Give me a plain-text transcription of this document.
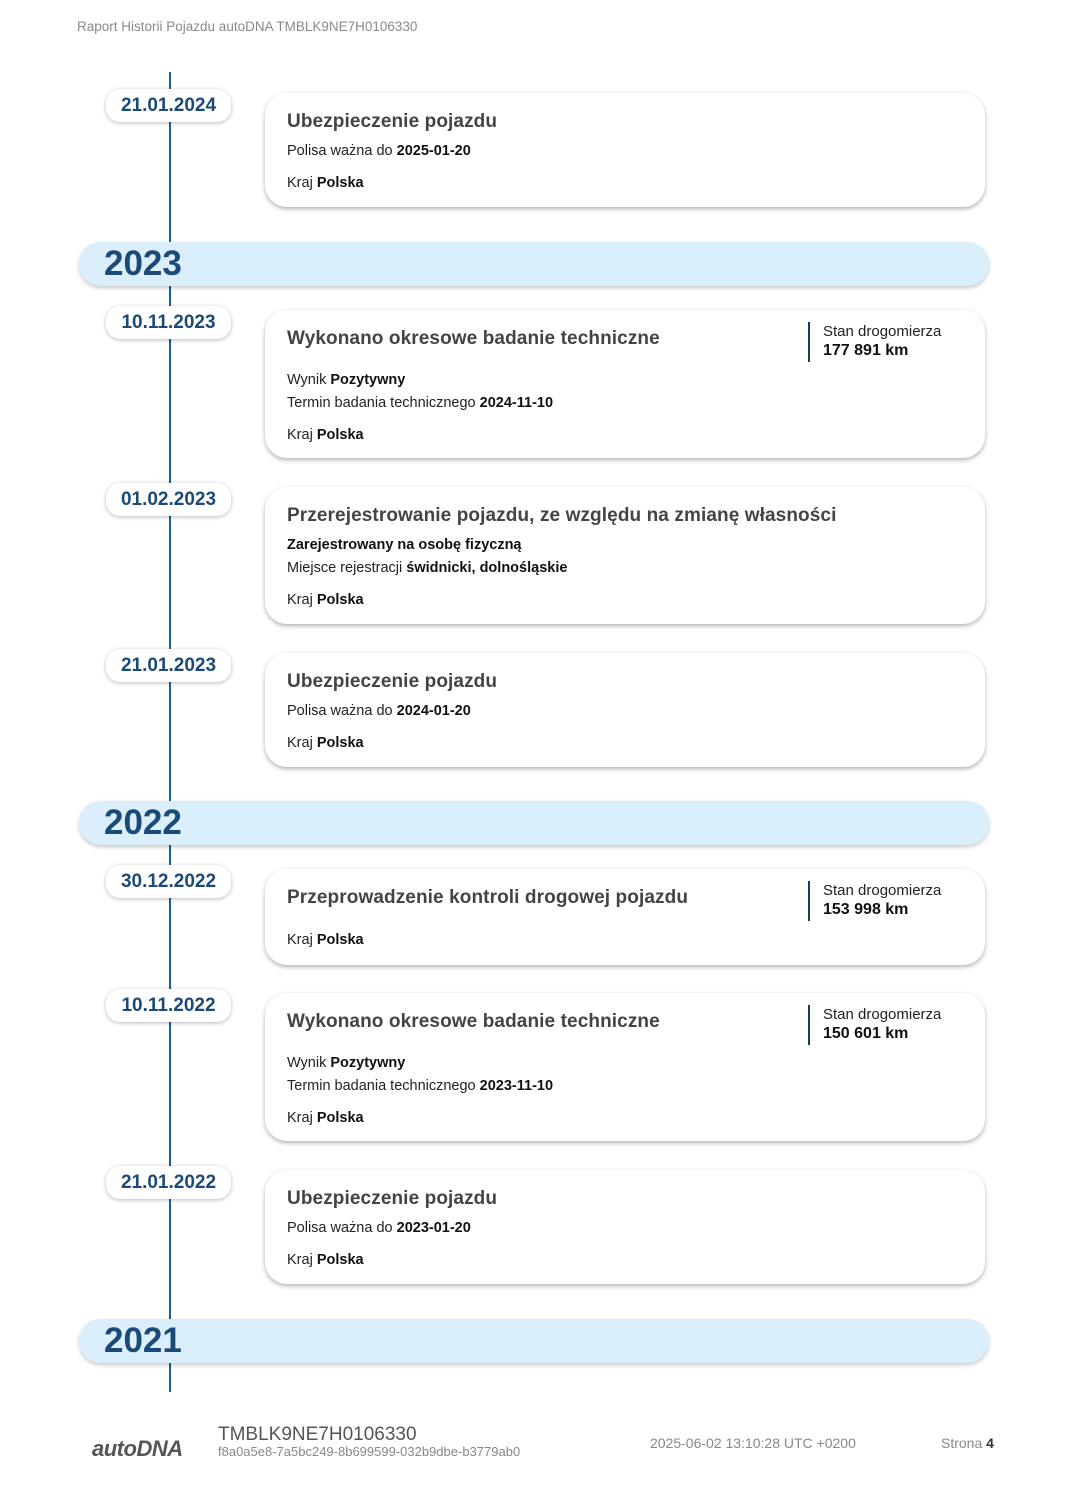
Raport Historii Pojazdu autoDNA TMBLK9NE7H0106330
21.01.2024
Ubezpieczenie pojazdu
Polisa ważna do 2025-01-20
Kraj Polska
2023
10.11.2023
Wykonano okresowe badanie techniczne	Stan drogomierza
177 891 km
Wynik Pozytywny
Termin badania technicznego 2024-11-10
Kraj Polska
01.02.2023
Przerejestrowanie pojazdu, ze względu na zmianę własności
Zarejestrowany na osobę fizyczną
Miejsce rejestracji świdnicki, dolnośląskie
Kraj Polska
21.01.2023
Ubezpieczenie pojazdu
Polisa ważna do 2024-01-20
Kraj Polska
2022
30.12.2022
Przeprowadzenie kontroli drogowej pojazdu	Stan drogomierza
153 998 km
Kraj Polska
10.11.2022
Wykonano okresowe badanie techniczne	Stan drogomierza
150 601 km
Wynik Pozytywny
Termin badania technicznego 2023-11-10
Kraj Polska
21.01.2022
Ubezpieczenie pojazdu
Polisa ważna do 2023-01-20
Kraj Polska
2021
autoDNA
TMBLK9NE7H0106330
f8a0a5e8-7a5bc249-8b699599-032b9dbe-b3779ab0
2025-06-02 13:10:28 UTC +0200	Strona 4
